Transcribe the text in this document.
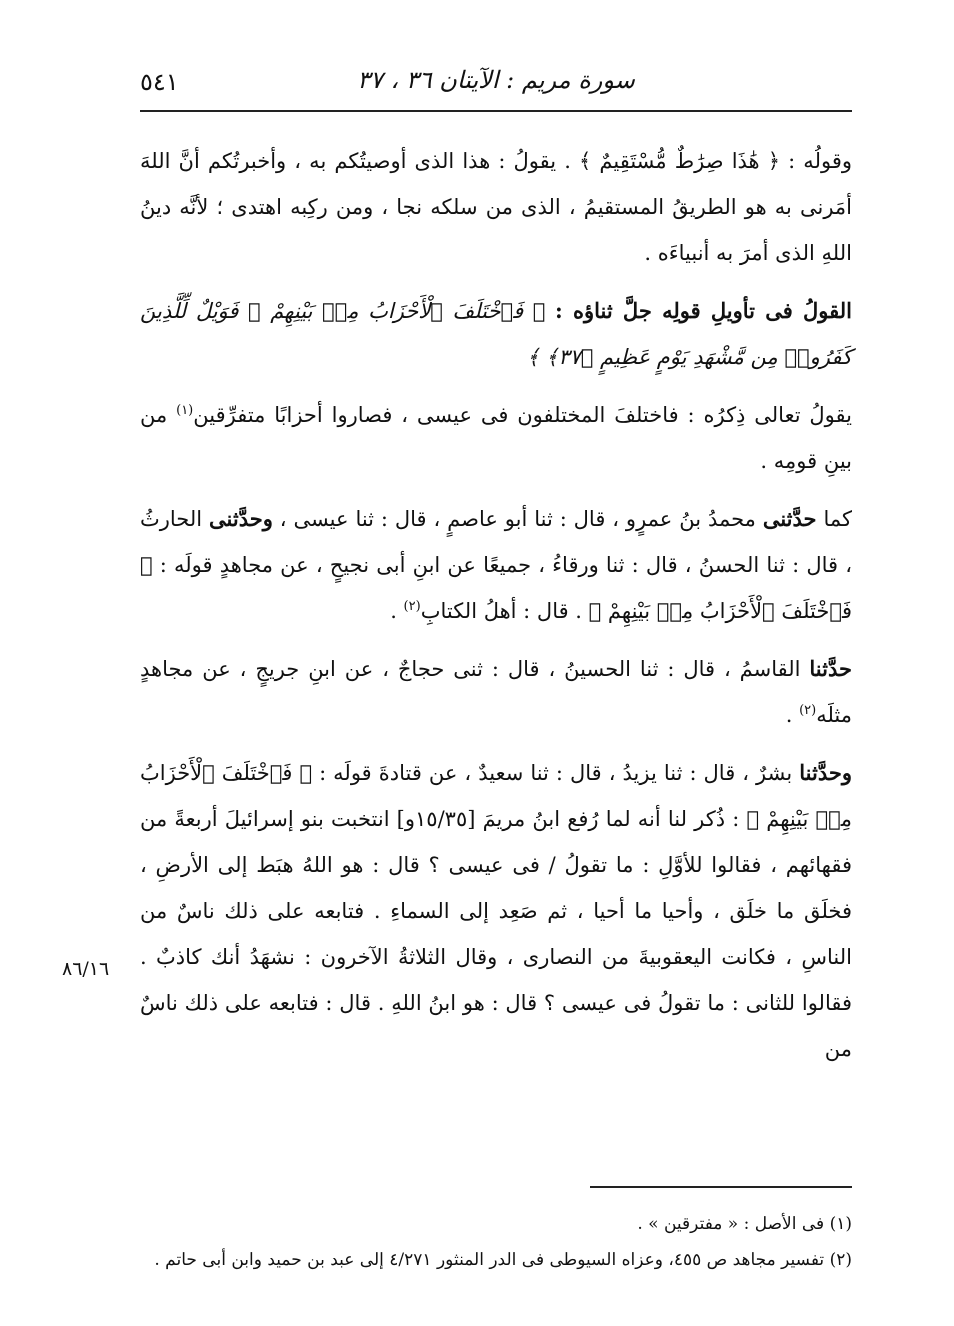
سورة مريم : الآيتان ٣٦ ، ٣٧
٥٤١

وقولُه : ﴿ هَٰذَا صِرَٰطٌ مُّسْتَقِيمٌ ﴾ . يقولُ : هذا الذى أوصيتُكم به ، وأخبرتُكم أنَّ اللهَ أمَرنى به هو الطريقُ المستقيمُ ، الذى من سلكه نجا ، ومن ركِبه اهتدى ؛ لأنَّه دينُ اللهِ الذى أمرَ به أنبياءَه .

القولُ فى تأويلِ قولِه جلَّ ثناؤه : ﴿ فَٱخْتَلَفَ ٱلْأَحْزَابُ مِنۢ بَيْنِهِمْ ۖ فَوَيْلٌ لِّلَّذِينَ كَفَرُوا۟ مِن مَّشْهَدِ يَوْمٍ عَظِيمٍ ﴿٣٧﴾ ﴾

يقولُ تعالى ذِكرُه : فاختلفَ المختلفون فى عيسى ، فصاروا أحزابًا متفرِّقين$^{(١)}$ من بينِ قومِه .

كما حدَّثنى محمدُ بنُ عمرٍو ، قال : ثنا أبو عاصمٍ ، قال : ثنا عيسى ، وحدَّثنى الحارثُ ، قال : ثنا الحسنُ ، قال : ثنا ورقاءُ ، جميعًا عن ابنِ أبى نجيحٍ ، عن مجاهدٍ قولَه : ﴿ فَٱخْتَلَفَ ٱلْأَحْزَابُ مِنۢ بَيْنِهِمْ ﴾ . قال : أهلُ الكتابِ$^{(٢)}$ .

حدَّثنا القاسمُ ، قال : ثنا الحسينُ ، قال : ثنى حجاجٌ ، عن ابنِ جريجٍ ، عن مجاهدٍ مثلَه$^{(٢)}$ .

وحدَّثنا بشرٌ ، قال : ثنا يزيدُ ، قال : ثنا سعيدٌ ، عن قتادةَ قولَه : ﴿ فَٱخْتَلَفَ ٱلْأَحْزَابُ مِنۢ بَيْنِهِمْ ﴾ : ذُكر لنا أنه لما رُفع ابنُ مريمَ [١٥/٣٥و] انتخبت بنو إسرائيلَ أربعةً من فقهائهم ، فقالوا للأوَّلِ : ما تقولُ / فى عيسى ؟ قال : هو اللهُ هبَط إلى الأرضِ ، فخلَق ما خلَق ، وأحيا ما أحيا ، ثم صَعِد إلى السماءِ . فتابعه على ذلك ناسٌ من الناسِ ، فكانت اليعقوبيةَ من النصارى ، وقال الثلاثةُ الآخرون : نشهَدُ أنك كاذبٌ . فقالوا للثانى : ما تقولُ فى عيسى ؟ قال : هو ابنُ اللهِ . قال : فتابعه على ذلك ناسٌ من

٨٦/١٦

(١) فى الأصل : « مفترقين » .

(٢) تفسير مجاهد ص ٤٥٥، وعزاه السيوطى فى الدر المنثور ٤/٢٧١ إلى عبد بن حميد وابن أبى حاتم .
